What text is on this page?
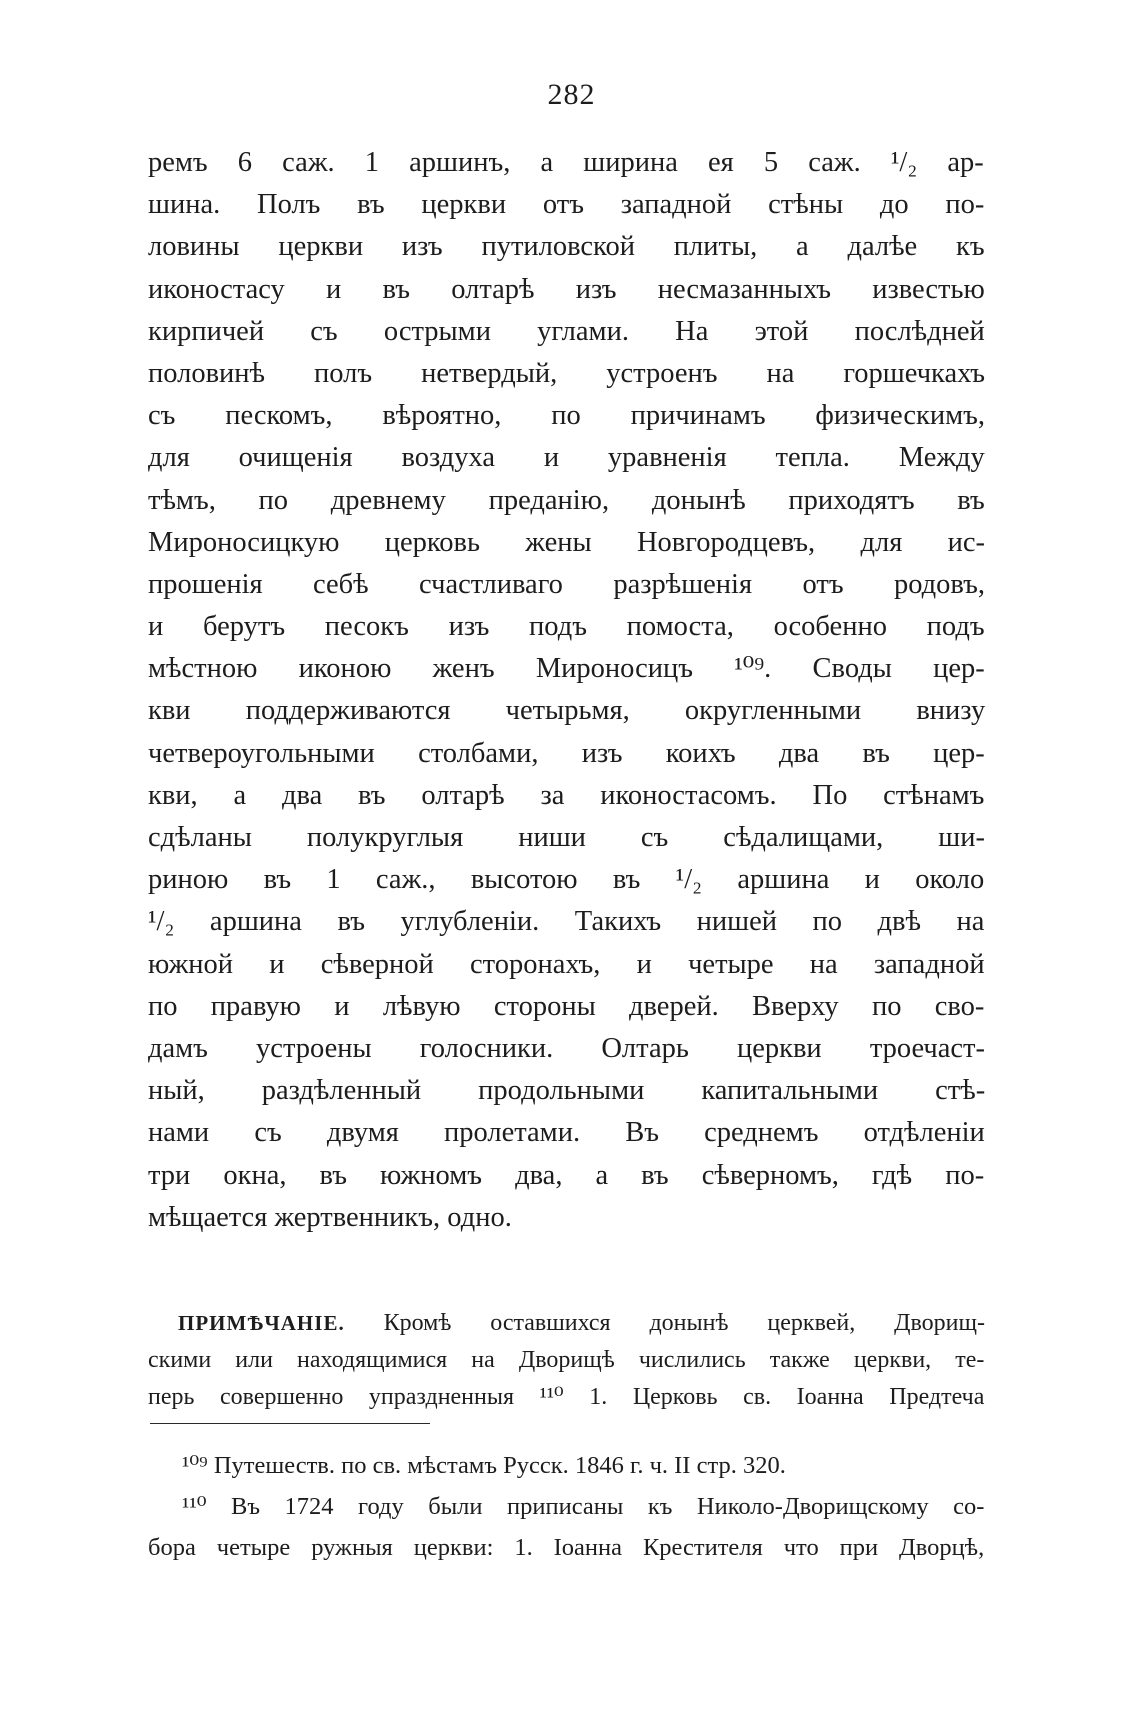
282
ремъ 6 саж. 1 аршинъ, а ширина ея 5 саж. ¹/₂ ар-
шина. Полъ въ церкви отъ западной стѣны до по-
ловины церкви изъ путиловской плиты, а далѣе къ
иконостасу и въ олтарѣ изъ несмазанныхъ известью
кирпичей съ острыми углами. На этой послѣдней
половинѣ полъ нетвердый, устроенъ на горшечкахъ
съ пескомъ, вѣроятно, по причинамъ физическимъ,
для очищенія воздуха и уравненія тепла. Между
тѣмъ, по древнему преданію, донынѣ приходятъ въ
Мироносицкую церковь жены Новгородцевъ, для ис-
прошенія себѣ счастливаго разрѣшенія отъ родовъ,
и берутъ песокъ изъ подъ помоста, особенно подъ
мѣстною иконою женъ Мироносицъ ¹⁰⁹. Своды цер-
кви поддерживаются четырьмя, округленными внизу
четвероугольными столбами, изъ коихъ два въ цер-
кви, а два въ олтарѣ за иконостасомъ. По стѣнамъ
сдѣланы полукруглыя ниши съ сѣдалищами, ши-
риною въ 1 саж., высотою въ ¹/₂ аршина и около
¹/₂ аршина въ углубленіи. Такихъ нишей по двѣ на
южной и сѣверной сторонахъ, и четыре на западной
по правую и лѣвую стороны дверей. Вверху по сво-
дамъ устроены голосники. Олтарь церкви троечаст-
ный, раздѣленный продольными капитальными стѣ-
нами съ двумя пролетами. Въ среднемъ отдѣленіи
три окна, въ южномъ два, а въ сѣверномъ, гдѣ по-
мѣщается жертвенникъ, одно.
ПРИМѢЧАНІЕ. Кромѣ оставшихся донынѣ церквей, Дворищ-
скими или находящимися на Дворищѣ числились также церкви, те-
перь совершенно упраздненныя ¹¹⁰ 1. Церковь св. Іоанна Предтеча
¹⁰⁹ Путешеств. по св. мѣстамъ Русск. 1846 г. ч. II стр. 320.
¹¹⁰ Въ 1724 году были приписаны къ Николо-Дворищскому со-
бора четыре ружныя церкви: 1. Іоанна Крестителя что при Дворцѣ,
